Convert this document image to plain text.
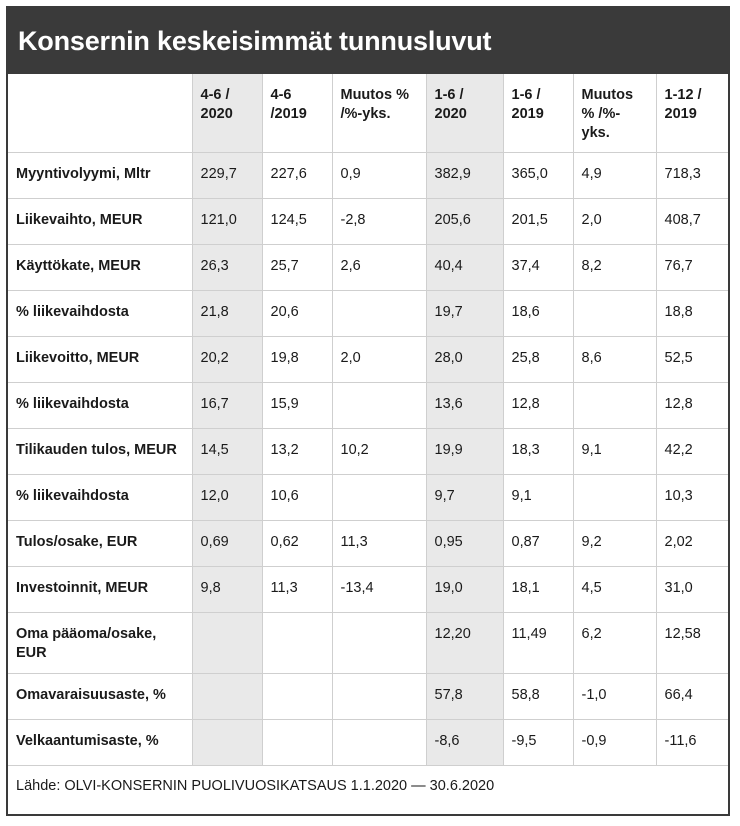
Konsernin keskeisimmät tunnusluvut
	4-6 / 2020	4-6 /2019	Muutos % /%-yks.	1-6 / 2020	1-6 / 2019	Muutos % /%-yks.	1-12 / 2019
Myyntivolyymi, Mltr	229,7	227,6	0,9	382,9	365,0	4,9	718,3
Liikevaihto, MEUR	121,0	124,5	-2,8	205,6	201,5	2,0	408,7
Käyttökate, MEUR	26,3	25,7	2,6	40,4	37,4	8,2	76,7
% liikevaihdosta	21,8	20,6		19,7	18,6		18,8
Liikevoitto, MEUR	20,2	19,8	2,0	28,0	25,8	8,6	52,5
% liikevaihdosta	16,7	15,9		13,6	12,8		12,8
Tilikauden tulos, MEUR	14,5	13,2	10,2	19,9	18,3	9,1	42,2
% liikevaihdosta	12,0	10,6		9,7	9,1		10,3
Tulos/osake, EUR	0,69	0,62	11,3	0,95	0,87	9,2	2,02
Investoinnit, MEUR	9,8	11,3	-13,4	19,0	18,1	4,5	31,0
Oma pääoma/osake, EUR				12,20	11,49	6,2	12,58
Omavaraisuusaste, %				57,8	58,8	-1,0	66,4
Velkaantumisaste, %				-8,6	-9,5	-0,9	-11,6
Lähde: OLVI-KONSERNIN PUOLIVUOSIKATSAUS 1.1.2020 — 30.6.2020
